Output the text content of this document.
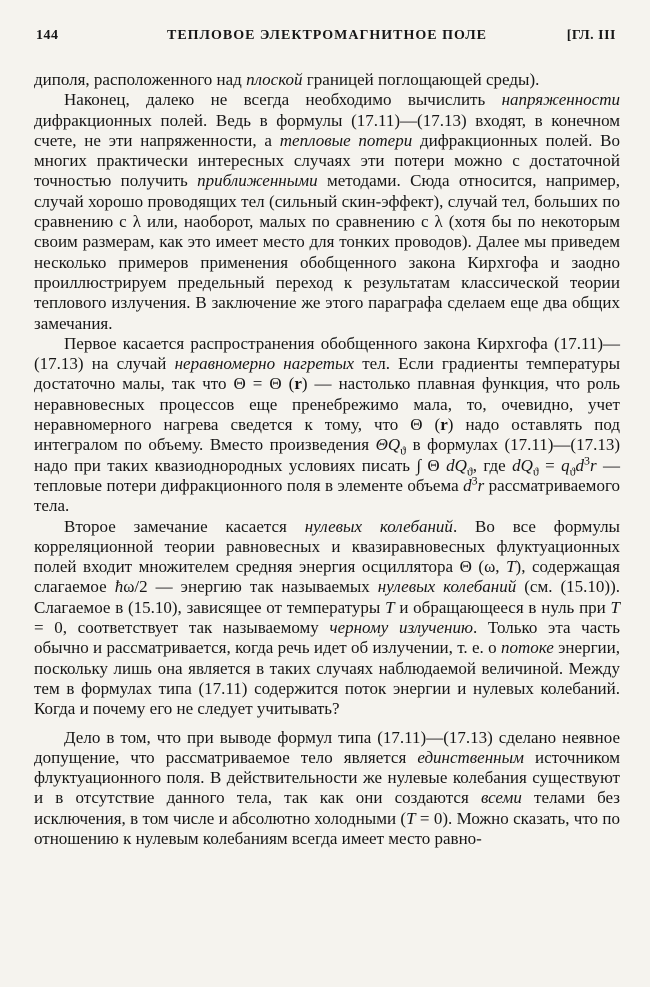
144	ТЕПЛОВОЕ ЭЛЕКТРОМАГНИТНОЕ ПОЛЕ	[ГЛ. III

диполя, расположенного над плоской границей поглощающей среды).

Наконец, далеко не всегда необходимо вычислить напряженности дифракционных полей. Ведь в формулы (17.11)—(17.13) входят, в конечном счете, не эти напряженности, а тепловые потери дифракционных полей. Во многих практически интересных случаях эти потери можно с достаточной точностью получить приближенными методами. Сюда относится, например, случай хорошо проводящих тел (сильный скин-эффект), случай тел, больших по сравнению с λ или, наоборот, малых по сравнению с λ (хотя бы по некоторым своим размерам, как это имеет место для тонких проводов). Далее мы приведем несколько примеров применения обобщенного закона Кирхгофа и заодно проиллюстрируем предельный переход к результатам классической теории теплового излучения. В заключение же этого параграфа сделаем еще два общих замечания.

Первое касается распространения обобщенного закона Кирхгофа (17.11)—(17.13) на случай неравномерно нагретых тел. Если градиенты температуры достаточно малы, так что Θ = Θ (r) — настолько плавная функция, что роль неравновесных процессов еще пренебрежимо мала, то, очевидно, учет неравномерного нагрева сведется к тому, что Θ (r) надо оставлять под интегралом по объему. Вместо произведения $\Theta Q_ϑ$ в формулах (17.11)—(17.13) надо при таких квазиоднородных условиях писать ∫ Θ $dQ_ϑ$, где $dQ_ϑ = q_ϑd^3r$ —тепловые потери дифракционного поля в элементе объема $d^3r$ рассматриваемого тела.

Второе замечание касается нулевых колебаний. Во все формулы корреляционной теории равновесных и квазиравновесных флуктуационных полей входит множителем средняя энергия осциллятора Θ (ω, T), содержащая слагаемое ħω/2 — энергию так называемых нулевых колебаний (см. (15.10)). Слагаемое в (15.10), зависящее от температуры T и обращающееся в нуль при T = 0, соответствует так называемому черному излучению. Только эта часть обычно и рассматривается, когда речь идет об излучении, т. е. о потоке энергии, поскольку лишь она является в таких случаях наблюдаемой величиной. Между тем в формулах типа (17.11) содержится поток энергии и нулевых колебаний. Когда и почему его не следует учитывать?

Дело в том, что при выводе формул типа (17.11)—(17.13) сделано неявное допущение, что рассматриваемое тело является единственным источником флуктуационного поля. В действительности же нулевые колебания существуют и в отсутствие данного тела, так как они создаются всеми телами без исключения, в том числе и абсолютно холодными (T = 0). Можно сказать, что по отношению к нулевым колебаниям всегда имеет место равно-
